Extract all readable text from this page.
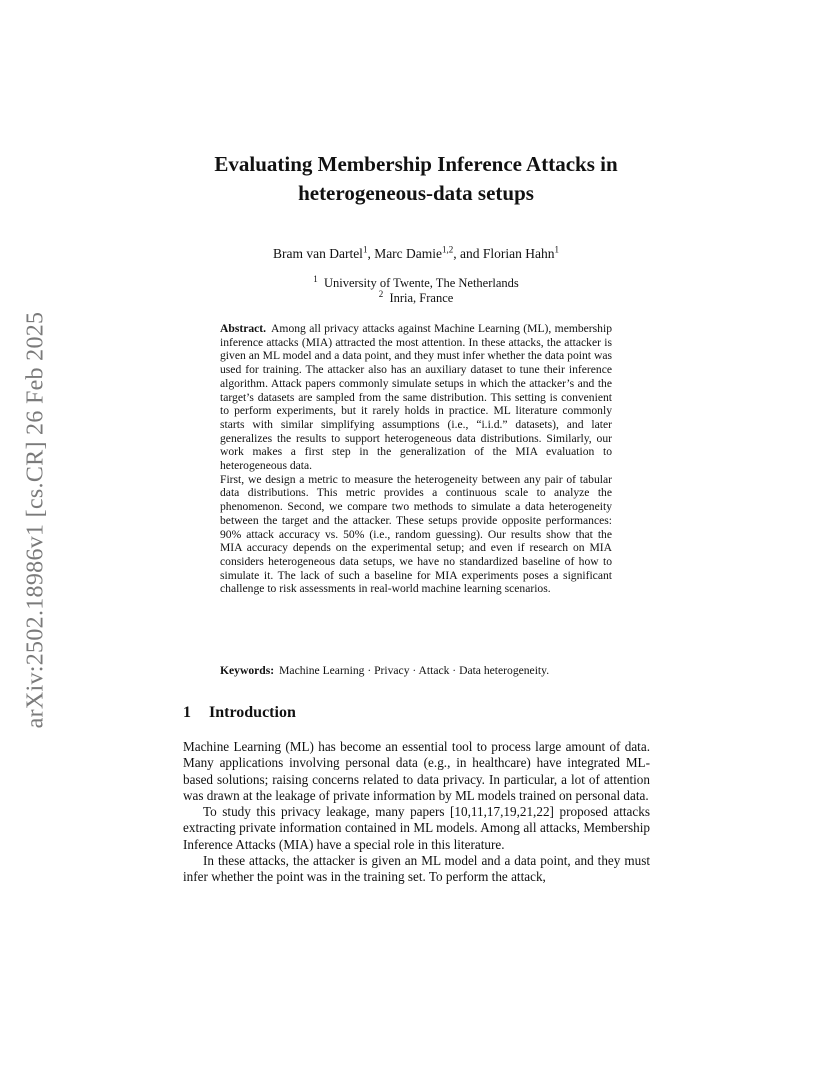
arXiv:2502.18986v1 [cs.CR] 26 Feb 2025
Evaluating Membership Inference Attacks in
heterogeneous-data setups
Bram van Dartel$^1$, Marc Damie$^{1,2}$, and Florian Hahn$^1$
$^1$ University of Twente, The Netherlands
$^2$ Inria, France

Abstract. Among all privacy attacks against Machine Learning (ML), membership inference attacks (MIA) attracted the most attention. In these attacks, the attacker is given an ML model and a data point, and they must infer whether the data point was used for training. The attacker also has an auxiliary dataset to tune their inference algorithm. Attack papers commonly simulate setups in which the attacker’s and the target’s datasets are sampled from the same distribution. This setting is convenient to perform experiments, but it rarely holds in practice. ML literature commonly starts with similar simplifying assumptions (i.e., “i.i.d.” datasets), and later generalizes the results to support heterogeneous data distributions. Similarly, our work makes a first step in the generalization of the MIA evaluation to heterogeneous data.

First, we design a metric to measure the heterogeneity between any pair of tabular data distributions. This metric provides a continuous scale to analyze the phenomenon. Second, we compare two methods to simulate a data heterogeneity between the target and the attacker. These setups provide opposite performances: 90% attack accuracy vs. 50% (i.e., random guessing). Our results show that the MIA accuracy depends on the experimental setup; and even if research on MIA considers heterogeneous data setups, we have no standardized baseline of how to simulate it. The lack of such a baseline for MIA experiments poses a significant challenge to risk assessments in real-world machine learning scenarios.

Keywords: Machine Learning · Privacy · Attack · Data heterogeneity.
1 Introduction

Machine Learning (ML) has become an essential tool to process large amount of data. Many applications involving personal data (e.g., in healthcare) have integrated ML-based solutions; raising concerns related to data privacy. In particular, a lot of attention was drawn at the leakage of private information by ML models trained on personal data.

To study this privacy leakage, many papers [10,11,17,19,21,22] proposed attacks extracting private information contained in ML models. Among all attacks, Membership Inference Attacks (MIA) have a special role in this literature.

In these attacks, the attacker is given an ML model and a data point, and they must infer whether the point was in the training set. To perform the attack,
